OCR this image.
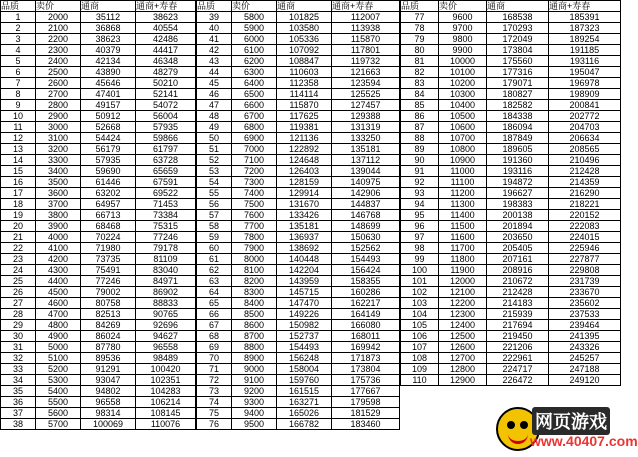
品质	卖价	通商	通商+寿春
1	2000	35112	38623
2	2100	36868	40554
3	2200	38623	42486
4	2300	40379	44417
5	2400	42134	46348
6	2500	43890	48279
7	2600	45646	50210
8	2700	47401	52141
9	2800	49157	54072
10	2900	50912	56004
11	3000	52668	57935
12	3100	54424	59866
13	3200	56179	61797
14	3300	57935	63728
15	3400	59690	65659
16	3500	61446	67591
17	3600	63202	69522
18	3700	64957	71453
19	3800	66713	73384
20	3900	68468	75315
21	4000	70224	77246
22	4100	71980	79178
23	4200	73735	81109
24	4300	75491	83040
25	4400	77246	84971
26	4500	79002	86902
27	4600	80758	88833
28	4700	82513	90765
29	4800	84269	92696
30	4900	86024	94627
31	5000	87780	96558
32	5100	89536	98489
33	5200	91291	100420
34	5300	93047	102351
35	5400	94802	104283
36	5500	96558	106214
37	5600	98314	108145
38	5700	100069	110076
品质	卖价	通商	通商+寿春
39	5800	101825	112007
40	5900	103580	113938
41	6000	105336	115870
42	6100	107092	117801
43	6200	108847	119732
44	6300	110603	121663
45	6400	112358	123594
46	6500	114114	125525
47	6600	115870	127457
48	6700	117625	129388
49	6800	119381	131319
50	6900	121136	133250
51	7000	122892	135181
52	7100	124648	137112
53	7200	126403	139044
54	7300	128159	140975
55	7400	129914	142906
56	7500	131670	144837
57	7600	133426	146768
58	7700	135181	148699
59	7800	136937	150630
60	7900	138692	152562
61	8000	140448	154493
62	8100	142204	156424
63	8200	143959	158355
64	8300	145715	160286
65	8400	147470	162217
66	8500	149226	164149
67	8600	150982	166080
68	8700	152737	168011
69	8800	154493	169942
70	8900	156248	171873
71	9000	158004	173804
72	9100	159760	175736
73	9200	161515	177667
74	9300	163271	179598
75	9400	165026	181529
76	9500	166782	183460
品质	卖价	通商	通商+寿春
77	9600	168538	185391
78	9700	170293	187323
79	9800	172049	189254
80	9900	173804	191185
81	10000	175560	193116
82	10100	177316	195047
83	10200	179071	196978
84	10300	180827	198909
85	10400	182582	200841
86	10500	184338	202772
87	10600	186094	204703
88	10700	187849	206634
89	10800	189605	208565
90	10900	191360	210496
91	11000	193116	212428
92	11100	194872	214359
93	11200	196627	216290
94	11300	198383	218221
95	11400	200138	220152
96	11500	201894	222083
97	11600	203650	224015
98	11700	205405	225946
99	11800	207161	227877
100	11900	208916	229808
101	12000	210672	231739
102	12100	212428	233670
103	12200	214183	235602
104	12300	215939	237533
105	12400	217694	239464
106	12500	219450	241395
107	12600	221206	243326
108	12700	222961	245257
109	12800	224717	247188
110	12900	226472	249120
网页游戏
www.40407.com
